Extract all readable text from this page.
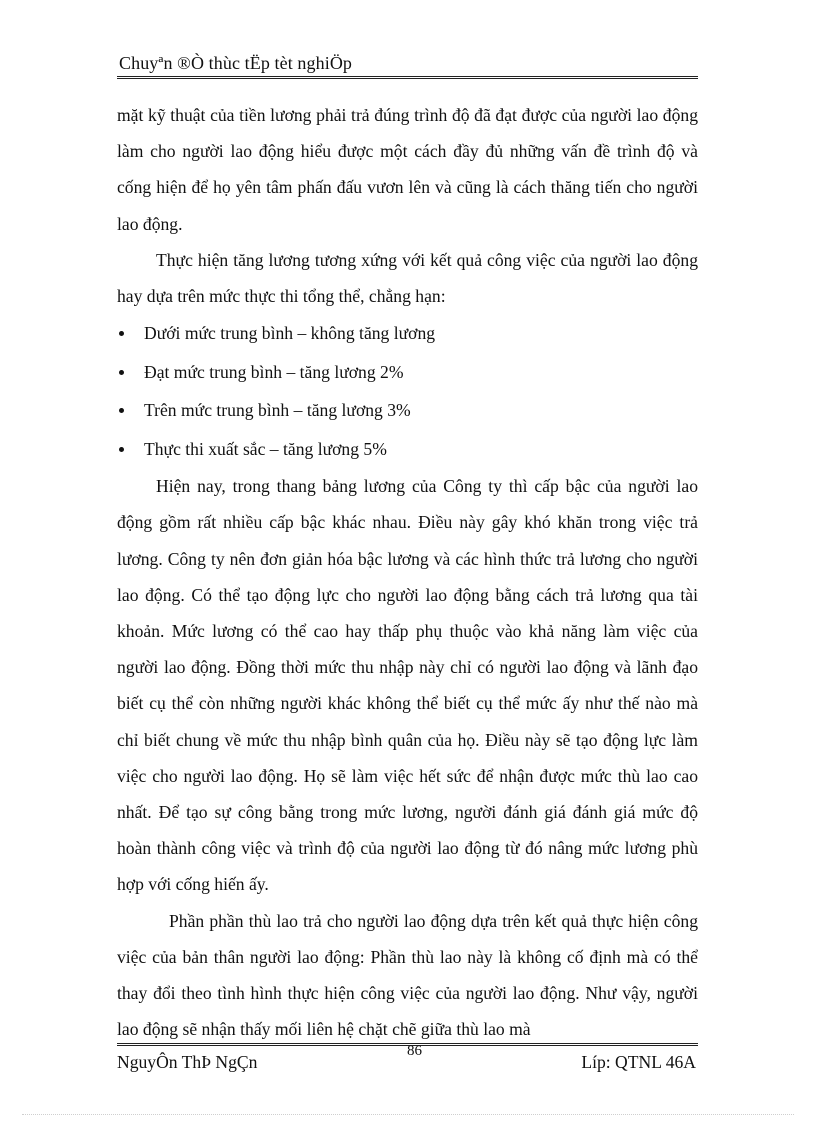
Chuyªn ®Ò thùc tËp tèt nghiÖp

mặt kỹ thuật của tiền lương phải trả đúng trình độ đã đạt được của người lao động làm cho người lao động hiểu được một cách đầy đủ những vấn đề trình độ và cống hiện để họ yên tâm phấn đấu vươn lên và cũng là cách thăng tiến cho người lao động.

Thực hiện tăng lương tương xứng với kết quả công việc của người lao động hay dựa trên mức thực thi tổng thể, chẳng hạn:

Dưới mức trung bình – không tăng lương
Đạt mức trung bình – tăng lương 2%
Trên mức trung bình – tăng lương 3%
Thực thi xuất sắc – tăng lương 5%

Hiện nay, trong thang bảng lương của Công ty thì cấp bậc của người lao động gồm rất nhiều cấp bậc khác nhau. Điều này gây khó khăn trong việc trả lương. Công ty nên đơn giản hóa bậc lương và các hình thức trả lương cho người lao động. Có thể tạo động lực cho người lao động bằng cách trả lương qua tài khoản. Mức lương có thể cao hay thấp phụ thuộc vào khả năng làm việc của người lao động. Đồng thời mức thu nhập này chỉ có người lao động và lãnh đạo biết cụ thể còn những người khác không thể biết cụ thể mức ấy như thế nào mà chỉ biết chung về mức thu nhập bình quân của họ. Điều này sẽ tạo động lực làm việc cho người lao động. Họ sẽ làm việc hết sức để nhận được mức thù lao cao nhất. Để tạo sự công bằng trong mức lương, người đánh giá đánh giá mức độ hoàn thành công việc và trình độ của người lao động từ đó nâng mức lương phù hợp với cống hiến ấy.

Phần phần thù lao trả cho người lao động dựa trên kết quả thực hiện công việc của bản thân người lao động: Phần thù lao này là không cố định mà có thể thay đổi theo tình hình thực hiện công việc của người lao động. Như vậy, người lao động sẽ nhận thấy mối liên hệ chặt chẽ giữa thù lao mà

NguyÔn ThÞ NgÇn
86
Líp: QTNL 46A
